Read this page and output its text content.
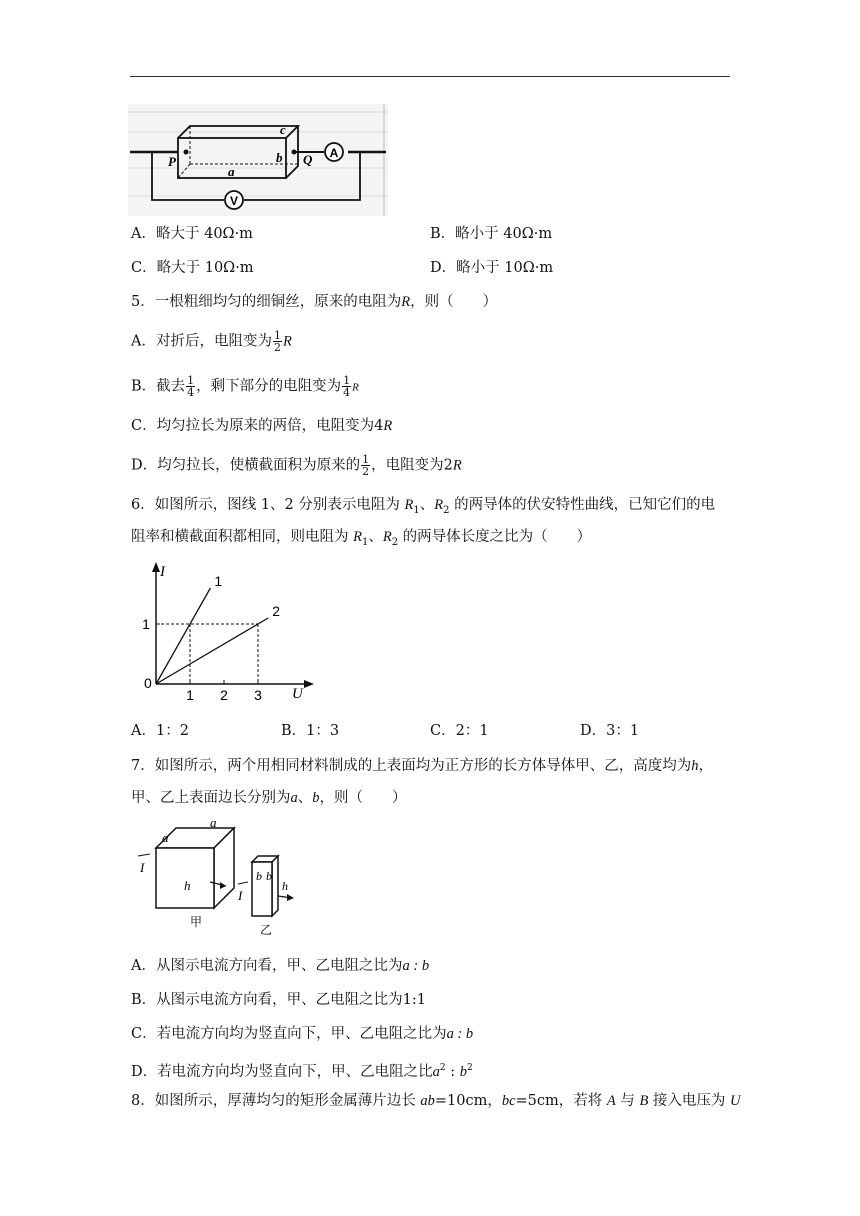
A
V
P	Q
a
b
c
A．略大于 40Ω·m	B．略小于 40Ω·m
C．略大于 10Ω·m	D．略小于 10Ω·m
5．一根粗细均匀的细铜丝，原来的电阻为R，则（　　）
A．对折后，电阻变为 $\frac{1}{2}$ R
B．截去 $\frac{1}{4}$ ，剩下部分的电阻变为 $\frac{1}{4}$ R
C．均匀拉长为原来的两倍，电阻变为4R
D．均匀拉长，使横截面积为原来的 $\frac{1}{2}$ ，电阻变为2R
6．如图所示，图线 1、2 分别表示电阻为 $R_1$、$R_2$ 的两导体的伏安特性曲线，已知它们的电
阻率和横截面积都相同，则电阻为 $R_1$、$R_2$ 的两导体长度之比为（　　）
I
U
0
1 2 3
1
1
2
A．1：2	B．1：3	C．2：1	D．3：1
7．如图所示，两个用相同材料制成的上表面均为正方形的长方体导体甲、乙，高度均为h，
甲、乙上表面边长分别为a、b，则（　　）
a
a
h
I
甲
b b
I
h
乙
A．从图示电流方向看，甲、乙电阻之比为a : b
B．从图示电流方向看，甲、乙电阻之比为1:1
C．若电流方向均为竖直向下，甲、乙电阻之比为a : b
D．若电流方向均为竖直向下，甲、乙电阻之比$a^2$ : $b^2$
8．如图所示，厚薄均匀的矩形金属薄片边长 ab=10cm，bc=5cm，若将 A 与 B 接入电压为 U
